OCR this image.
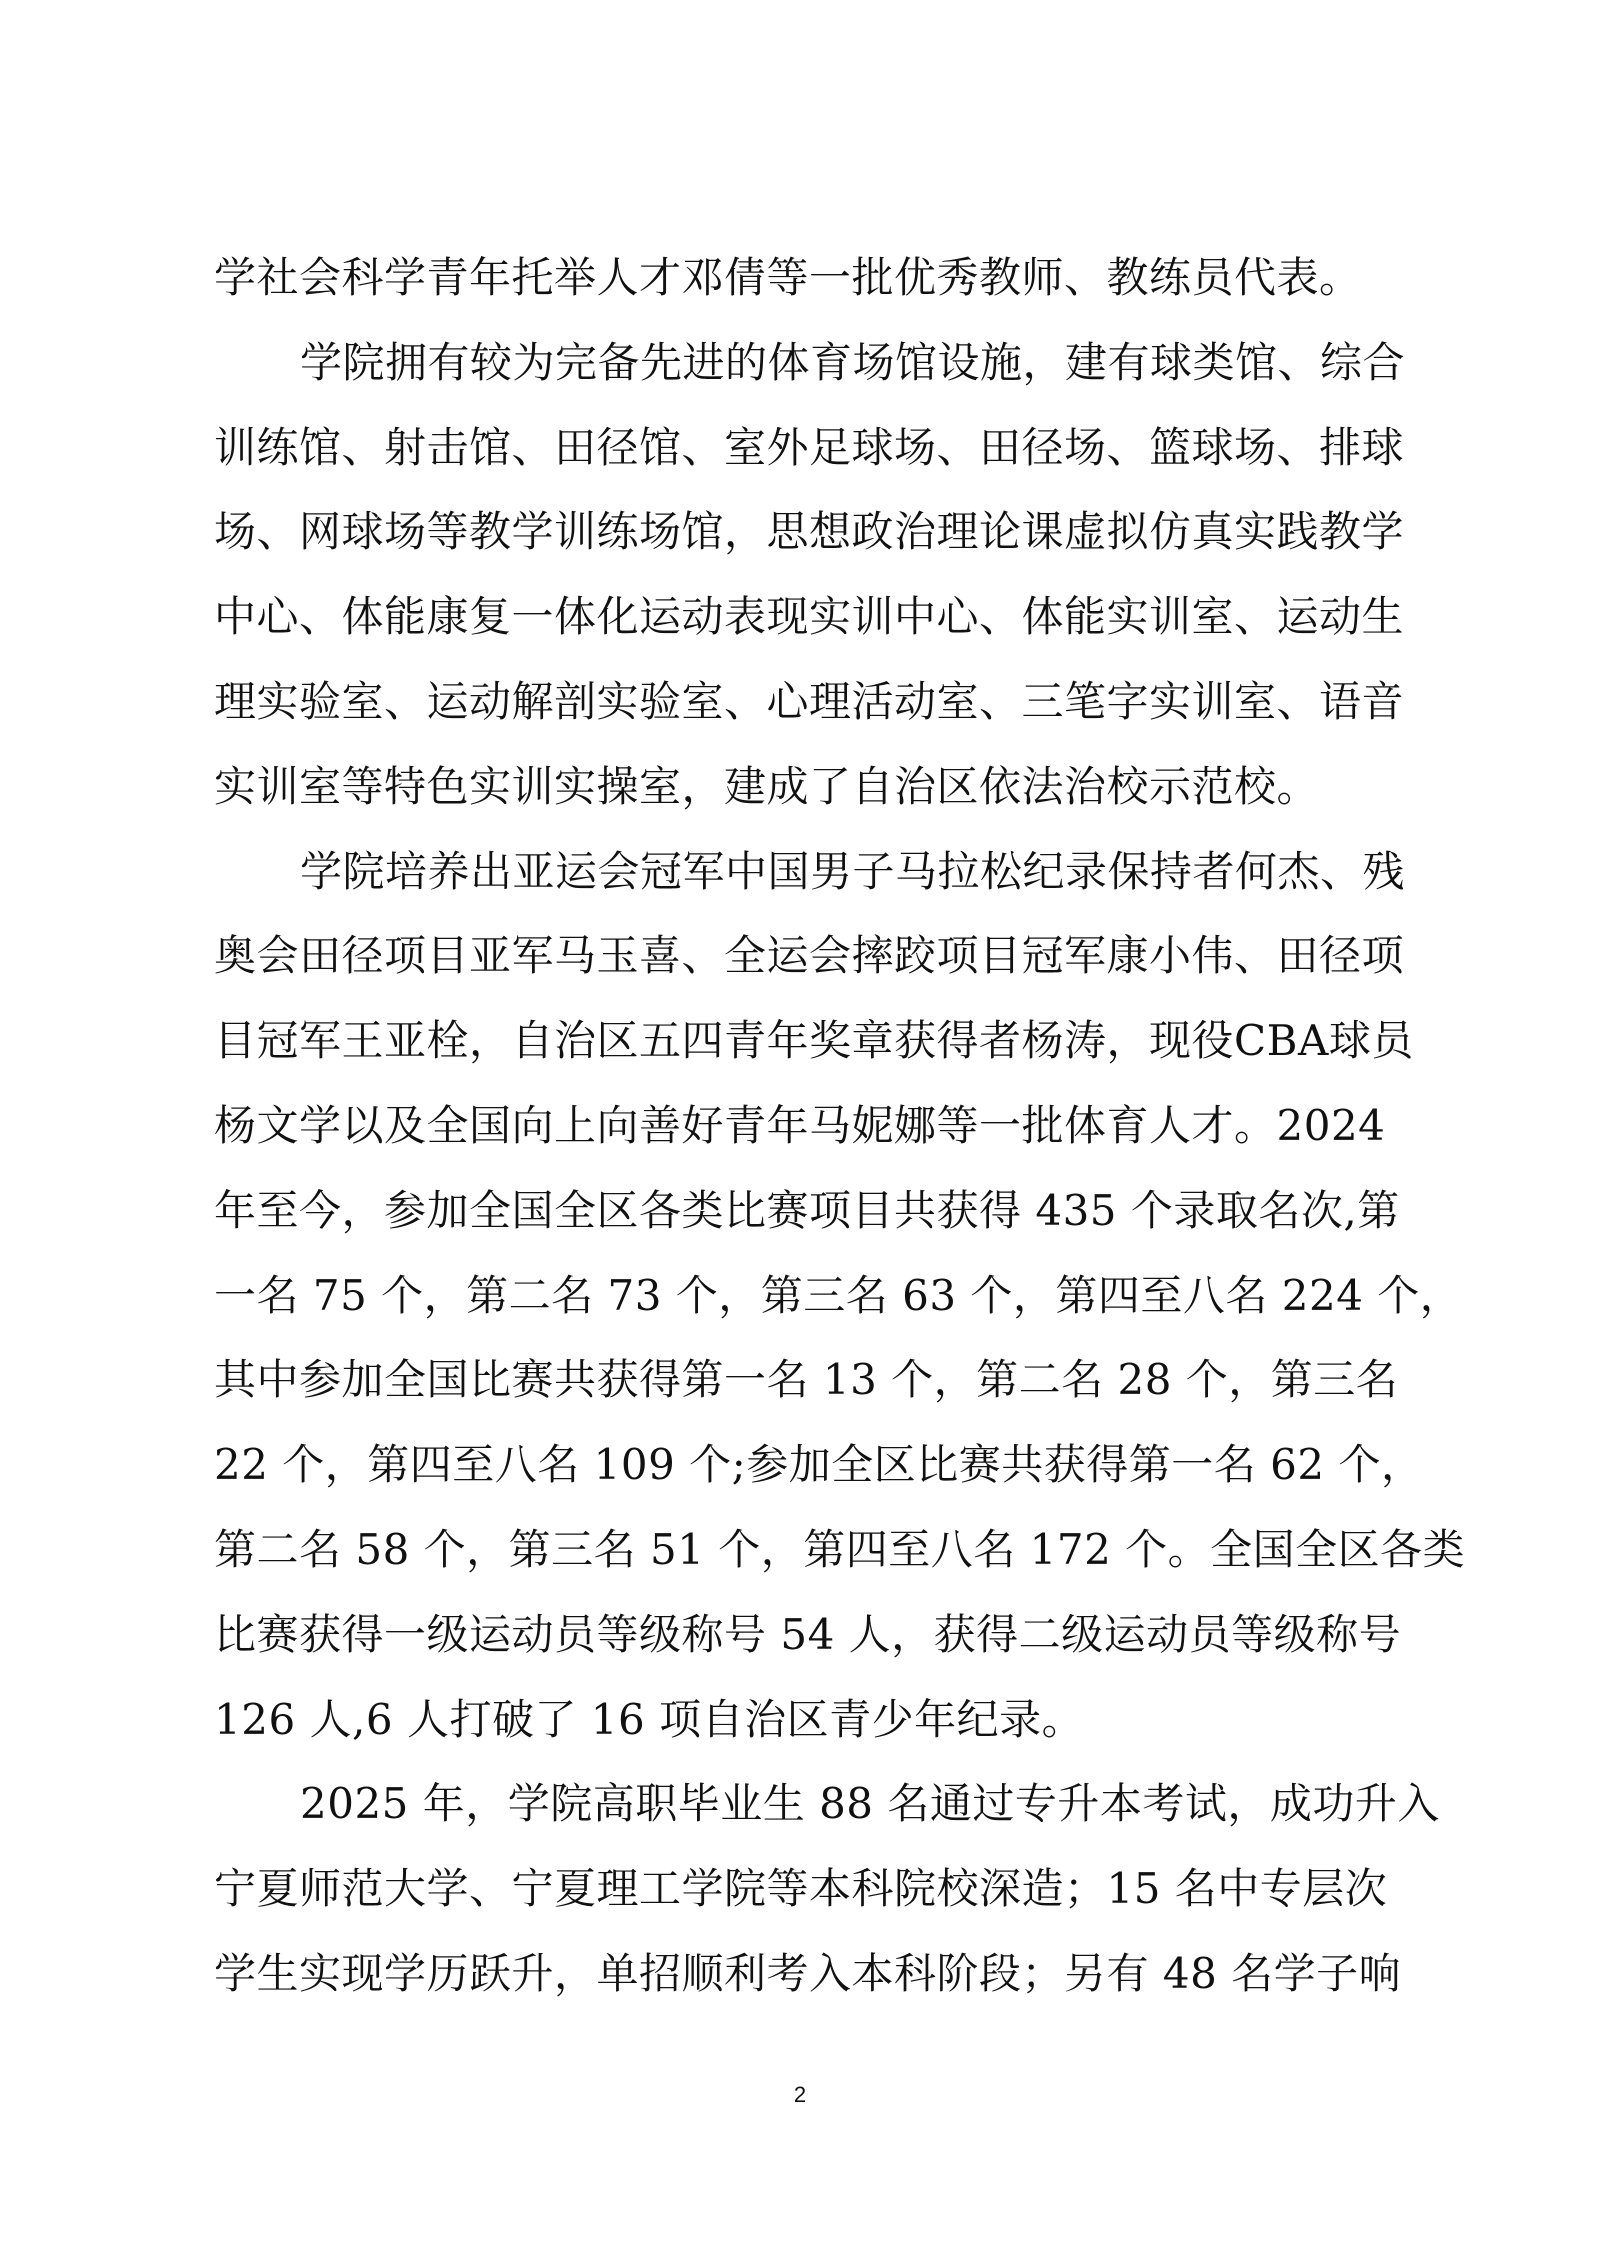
学社会科学青年托举人才邓倩等一批优秀教师、教练员代表。
学院拥有较为完备先进的体育场馆设施，建有球类馆、综合
训练馆、射击馆、田径馆、室外足球场、田径场、篮球场、排球
场、网球场等教学训练场馆，思想政治理论课虚拟仿真实践教学
中心、体能康复一体化运动表现实训中心、体能实训室、运动生
理实验室、运动解剖实验室、心理活动室、三笔字实训室、语音
实训室等特色实训实操室，建成了自治区依法治校示范校。
学院培养出亚运会冠军中国男子马拉松纪录保持者何杰、残
奥会田径项目亚军马玉喜、全运会摔跤项目冠军康小伟、田径项
目冠军王亚栓，自治区五四青年奖章获得者杨涛，现役CBA球员
杨文学以及全国向上向善好青年马妮娜等一批体育人才。2024
年至今，参加全国全区各类比赛项目共获得 435 个录取名次,第
一名 75 个，第二名 73 个，第三名 63 个，第四至八名 224 个，
其中参加全国比赛共获得第一名 13 个，第二名 28 个，第三名
22 个，第四至八名 109 个;参加全区比赛共获得第一名 62 个，
第二名 58 个，第三名 51 个，第四至八名 172 个。全国全区各类
比赛获得一级运动员等级称号 54 人，获得二级运动员等级称号
126 人,6 人打破了 16 项自治区青少年纪录。
2025 年，学院高职毕业生 88 名通过专升本考试，成功升入
宁夏师范大学、宁夏理工学院等本科院校深造；15 名中专层次
学生实现学历跃升，单招顺利考入本科阶段；另有 48 名学子响
2
